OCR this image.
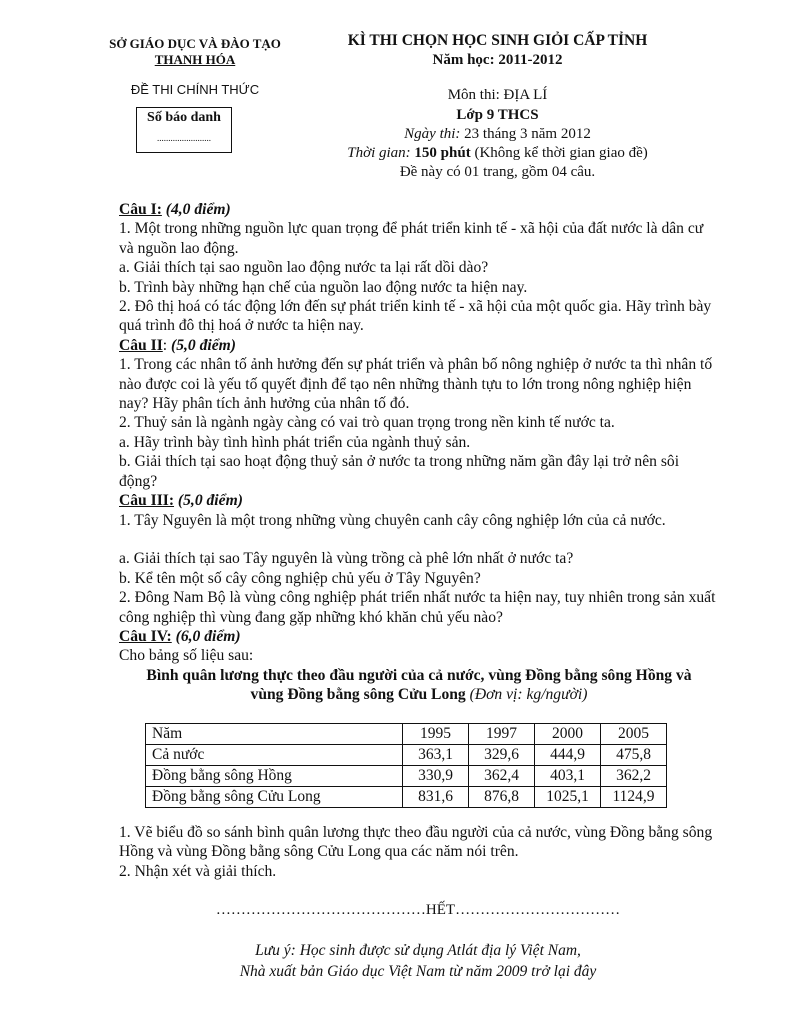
SỞ GIÁO DỤC VÀ ĐÀO TẠO
THANH HÓA
ĐỀ THI CHÍNH THỨC
Số báo danh
........................
KÌ THI CHỌN HỌC SINH GIỎI CẤP TỈNH
Năm học: 2011-2012
Môn thi: ĐỊA LÍ
Lớp 9 THCS
Ngày thi: 23 tháng 3 năm 2012
Thời gian: 150 phút (Không kể thời gian giao đề)
Đề này có 01 trang, gồm 04 câu.

Câu I: (4,0 điểm)

1. Một trong những nguồn lực quan trọng để phát triển kinh tế - xã hội của đất nước là dân cư và nguồn lao động.

a. Giải thích tại sao nguồn lao động nước ta lại rất dồi dào?

b. Trình bày những hạn chế của nguồn lao động nước ta hiện nay.

2. Đô thị hoá có tác động lớn đến sự phát triển kinh tế - xã hội của một quốc gia. Hãy trình bày quá trình đô thị hoá ở nước ta hiện nay.

Câu II: (5,0 điểm)

1. Trong các nhân tố ảnh hưởng đến sự phát triển và phân bố nông nghiệp ở nước ta thì nhân tố nào được coi là yếu tố quyết định để tạo nên những thành tựu to lớn trong nông nghiệp hiện nay? Hãy phân tích ảnh hưởng của nhân tố đó.

2. Thuỷ sản là ngành ngày càng có vai trò quan trọng trong nền kinh tế nước ta.

a. Hãy trình bày tình hình phát triển của ngành thuỷ sản.

b. Giải thích tại sao hoạt động thuỷ sản ở nước ta trong những năm gần đây lại trở nên sôi động?

Câu III: (5,0 điểm)

1. Tây Nguyên là một trong những vùng chuyên canh cây công nghiệp lớn của cả nước.

a. Giải thích tại sao Tây nguyên là vùng trồng cà phê lớn nhất ở nước ta?

b. Kể tên một số cây công nghiệp chủ yếu ở Tây Nguyên?

2. Đông Nam Bộ là vùng công nghiệp phát triển nhất nước ta hiện nay, tuy nhiên trong sản xuất công nghiệp thì vùng đang gặp những khó khăn chủ yếu nào?

Câu IV: (6,0 điểm)

Cho bảng số liệu sau:

Bình quân lương thực theo đầu người của cả nước, vùng Đồng bằng sông Hồng và

vùng Đồng bằng sông Cửu Long (Đơn vị: kg/người)

Năm	1995	1997	2000	2005
Cả nước	363,1	329,6	444,9	475,8
Đồng bằng sông Hồng	330,9	362,4	403,1	362,2
Đồng bằng sông Cửu Long	831,6	876,8	1025,1	1124,9

1. Vẽ biểu đồ so sánh bình quân lương thực theo đầu người của cả nước, vùng Đồng bằng sông Hồng và vùng Đồng bằng sông Cửu Long qua các năm nói trên.

2. Nhận xét và giải thích.

……………………………………HẾT……………………………
Lưu ý: Học sinh được sử dụng Atlát địa lý Việt Nam,
Nhà xuất bản Giáo dục Việt Nam từ năm 2009 trở lại đây
